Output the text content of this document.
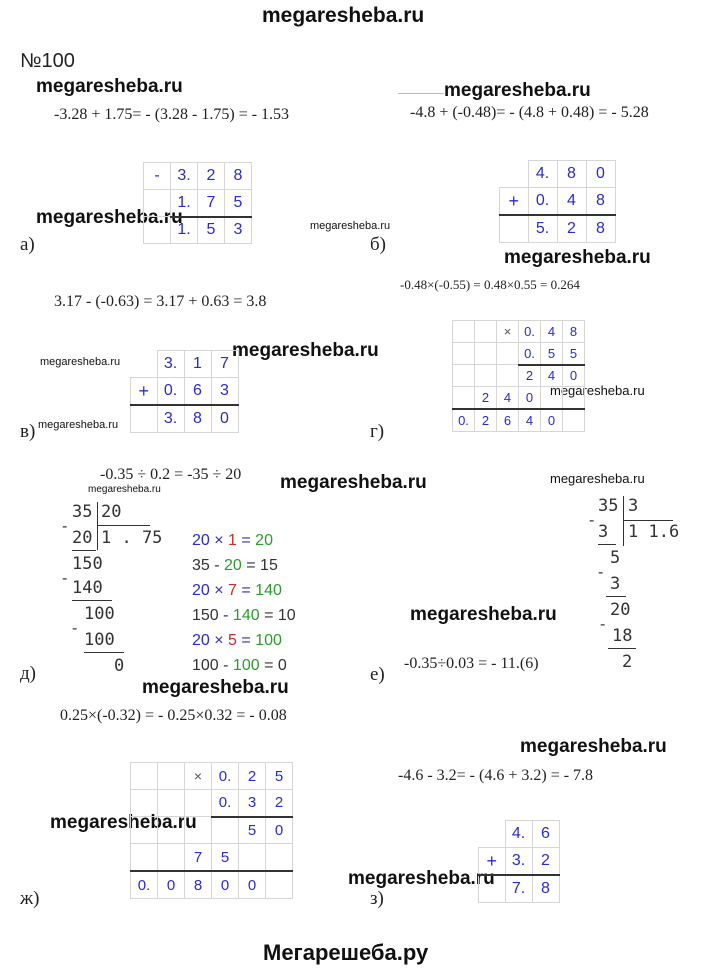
megaresheba.ru
Мегарешеба.ру
№100
megaresheba.ru	megaresheba.ru
megaresheba.ru	megaresheba.ru
megaresheba.ru
megaresheba.ru
megaresheba.ru
megaresheba.ru
megaresheba.ru
megaresheba.ru	megaresheba.ru	megaresheba.ru
megaresheba.ru
megaresheba.ru
megaresheba.ru
megaresheba.ru
megaresheba.ru
-3.28 + 1.75= - (3.28 - 1.75) = - 1.53
-	3.	2	8
	1.	7	5
	1.	5	3
а)
-4.8 + (-0.48)= - (4.8 + 0.48) = - 5.28
	4.	8	0
+	0.	4	8
	5.	2	8
б)
3.17 - (-0.63) = 3.17 + 0.63 = 3.8
	3.	1	7
+	0.	6	3
	3.	8	0
в)
-0.48×(-0.55) = 0.48×0.55 = 0.264
		×	0.	4	8
			0.	5	5
			2	4	0
	2	4	0		
0.	2	6	4	0	
г)
-0.35 ÷ 0.2 = -35 ÷ 20
35 20
-
20 1 . 75
150
- 140
100
-
100
0
20 × 1 = 20
35 - 20 = 15
20 × 7 = 140
150 - 140 = 10
20 × 5 = 100
100 - 100 = 0
д)
35 3
-
3 1 1.6
5
-
3
20
-
18
2
-0.35÷0.03 = - 11.(6)
е)
0.25×(-0.32) = - 0.25×0.32 = - 0.08
		×	0.	2	5
			0.	3	2
				5	0
		7	5		
0.	0	8	0	0	
ж)
-4.6 - 3.2= - (4.6 + 3.2) = - 7.8
	4.	6
+	3.	2
	7.	8
з)
